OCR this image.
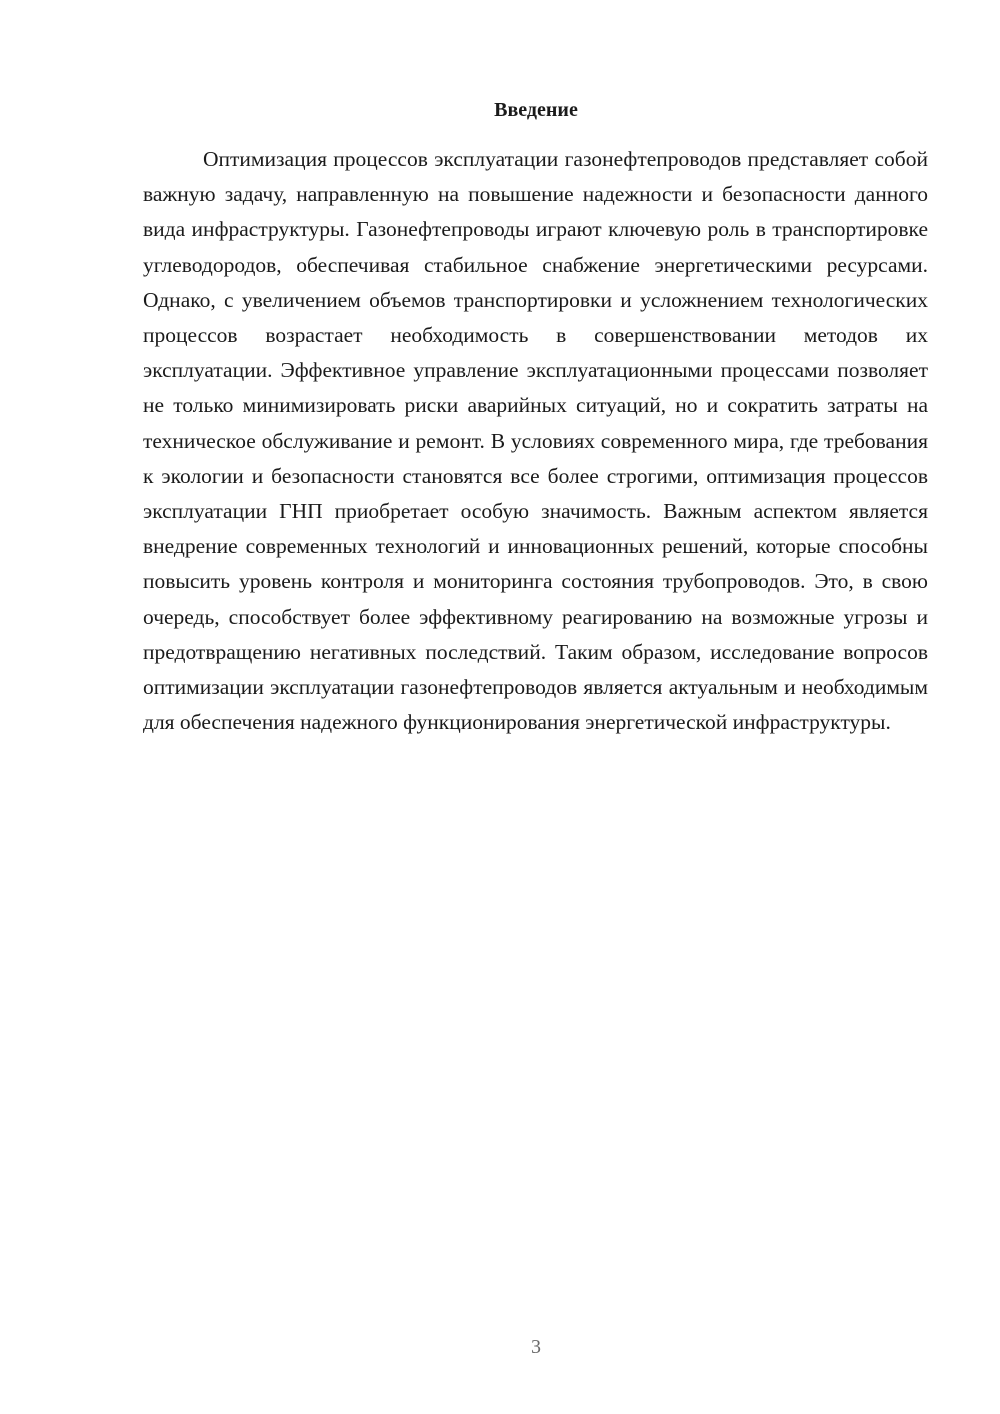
Введение

Оптимизация процессов эксплуатации газонефтепроводов представляет собой важную задачу, направленную на повышение надежности и безопасности данного вида инфраструктуры. Газонефтепроводы играют ключевую роль в транспортировке углеводородов, обеспечивая стабильное снабжение энергетическими ресурсами. Однако, с увеличением объемов транспортировки и усложнением технологических процессов возрастает необходимость в совершенствовании методов их эксплуатации. Эффективное управление эксплуатационными процессами позволяет не только минимизировать риски аварийных ситуаций, но и сократить затраты на техническое обслуживание и ремонт. В условиях современного мира, где требования к экологии и безопасности становятся все более строгими, оптимизация процессов эксплуатации ГНП приобретает особую значимость. Важным аспектом является внедрение современных технологий и инновационных решений, которые способны повысить уровень контроля и мониторинга состояния трубопроводов. Это, в свою очередь, способствует более эффективному реагированию на возможные угрозы и предотвращению негативных последствий. Таким образом, исследование вопросов оптимизации эксплуатации газонефтепроводов является актуальным и необходимым для обеспечения надежного функционирования энергетической инфраструктуры.

3
